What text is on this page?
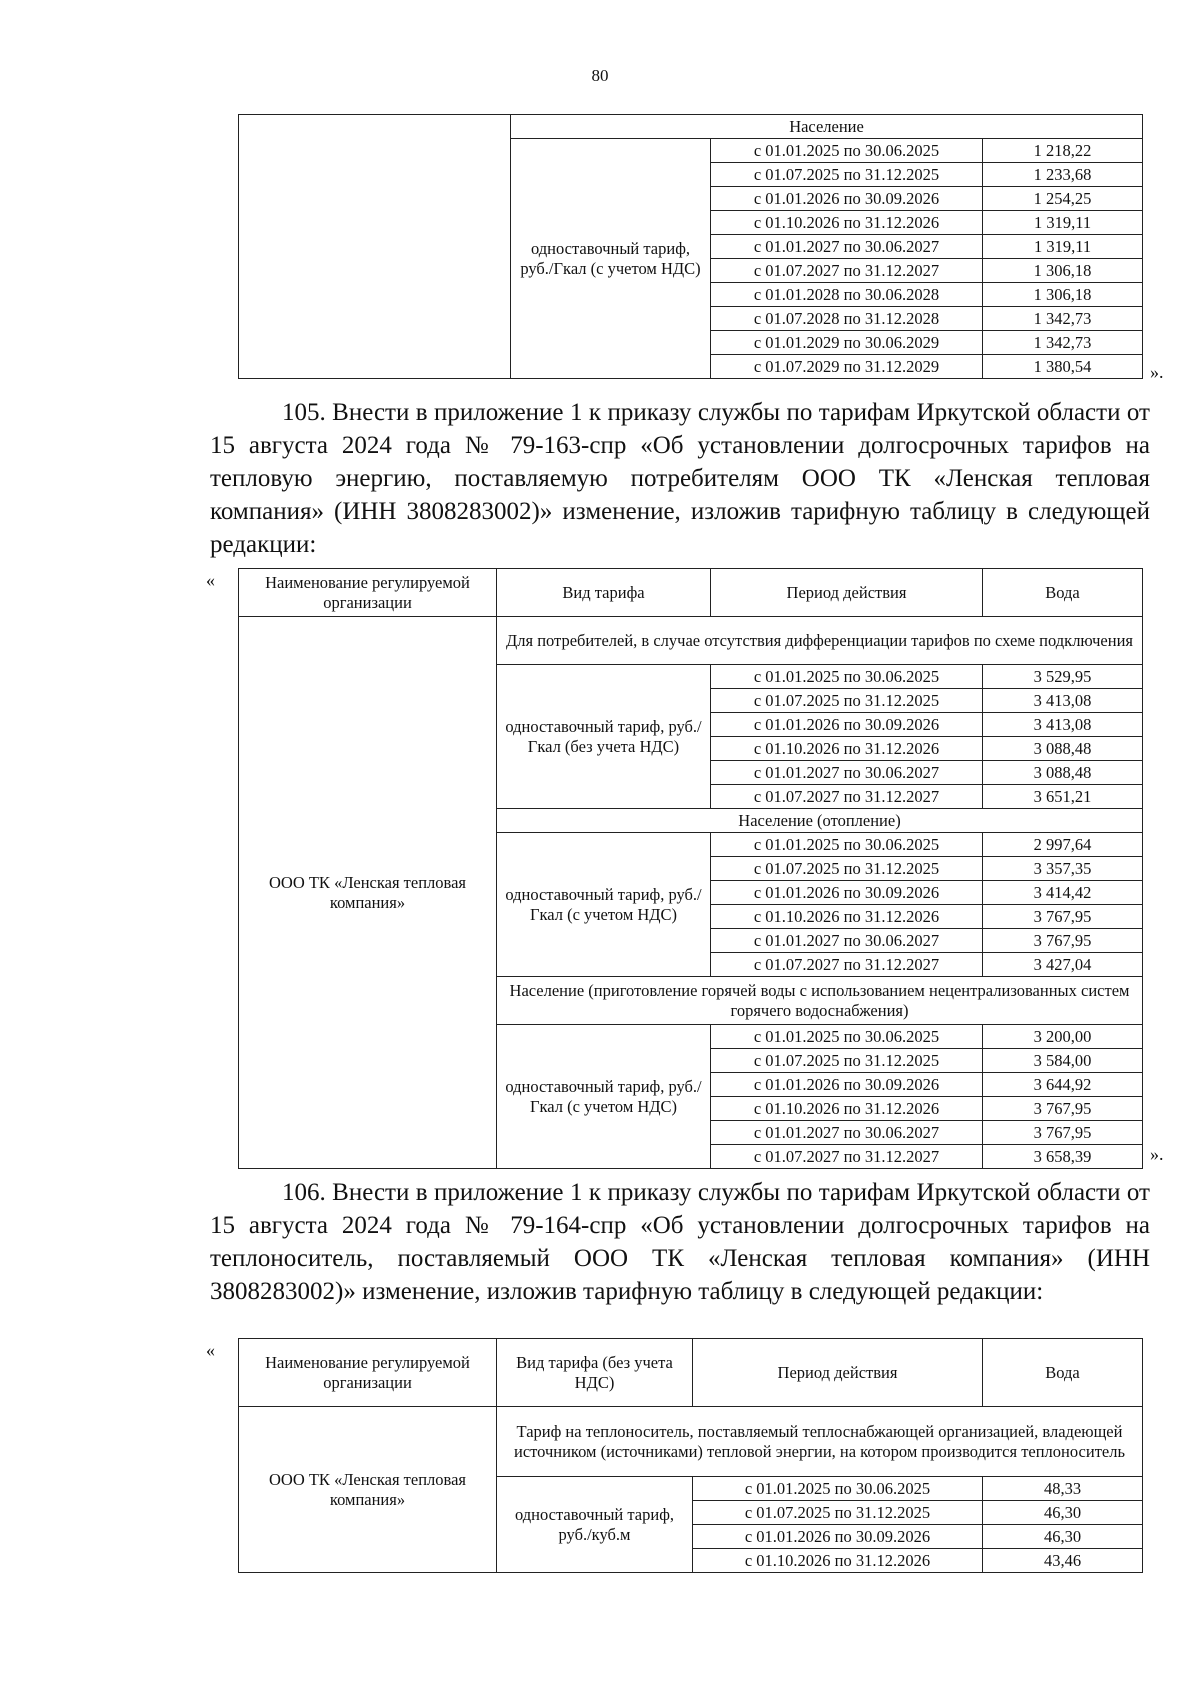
80
	Население		
	одноставочный тариф, руб./Гкал (с учетом НДС)	с 01.01.2025 по 30.06.2025	1 218,22
		с 01.07.2025 по 31.12.2025	1 233,68
		с 01.01.2026 по 30.09.2026	1 254,25
		с 01.10.2026 по 31.12.2026	1 319,11
		с 01.01.2027 по 30.06.2027	1 319,11
		с 01.07.2027 по 31.12.2027	1 306,18
		с 01.01.2028 по 30.06.2028	1 306,18
		с 01.07.2028 по 31.12.2028	1 342,73
		с 01.01.2029 по 30.06.2029	1 342,73
		с 01.07.2029 по 31.12.2029	1 380,54	».

105. Внести в приложение 1 к приказу службы по тарифам Иркутской области от 15 августа 2024 года № 79-163-спр «Об установлении долгосрочных тарифов на тепловую энергию, поставляемую потребителям ООО ТК «Ленская тепловая компания» (ИНН 3808283002)» изменение, изложив тарифную таблицу в следующей редакции:

«	Наименование регулируемой организации	Вид тарифа	Период действия	Вода
ООО ТК «Ленская тепловая компания»	Для потребителей, в случае отсутствия дифференциации тарифов по схеме подключения		
	одноставочный тариф, руб./Гкал (без учета НДС)	с 01.01.2025 по 30.06.2025	3 529,95
		с 01.07.2025 по 31.12.2025	3 413,08
		с 01.01.2026 по 30.09.2026	3 413,08
		с 01.10.2026 по 31.12.2026	3 088,48
		с 01.01.2027 по 30.06.2027	3 088,48
		с 01.07.2027 по 31.12.2027	3 651,21
	Население (отопление)		
	одноставочный тариф, руб./Гкал (с учетом НДС)	с 01.01.2025 по 30.06.2025	2 997,64
		с 01.07.2025 по 31.12.2025	3 357,35
		с 01.01.2026 по 30.09.2026	3 414,42
		с 01.10.2026 по 31.12.2026	3 767,95
		с 01.01.2027 по 30.06.2027	3 767,95
		с 01.07.2027 по 31.12.2027	3 427,04
	Население (приготовление горячей воды с использованием нецентрализованных систем горячего водоснабжения)		
	одноставочный тариф, руб./Гкал (с учетом НДС)	с 01.01.2025 по 30.06.2025	3 200,00
		с 01.07.2025 по 31.12.2025	3 584,00
		с 01.01.2026 по 30.09.2026	3 644,92
		с 01.10.2026 по 31.12.2026	3 767,95
		с 01.01.2027 по 30.06.2027	3 767,95
		с 01.07.2027 по 31.12.2027	3 658,39	».

106. Внести в приложение 1 к приказу службы по тарифам Иркутской области от 15 августа 2024 года № 79-164-спр «Об установлении долгосрочных тарифов на теплоноситель, поставляемый ООО ТК «Ленская тепловая компания» (ИНН 3808283002)» изменение, изложив тарифную таблицу в следующей редакции:

«
Наименование регулируемой организации	Вид тарифа (без учета НДС)	Период действия	Вода
ООО ТК «Ленская тепловая компания»	Тариф на теплоноситель, поставляемый теплоснабжающей организацией, владеющей источником (источниками) тепловой энергии, на котором производится теплоноситель		
	одноставочный тариф, руб./куб.м	с 01.01.2025 по 30.06.2025	48,33
		с 01.07.2025 по 31.12.2025	46,30
		с 01.01.2026 по 30.09.2026	46,30
		с 01.10.2026 по 31.12.2026	43,46
